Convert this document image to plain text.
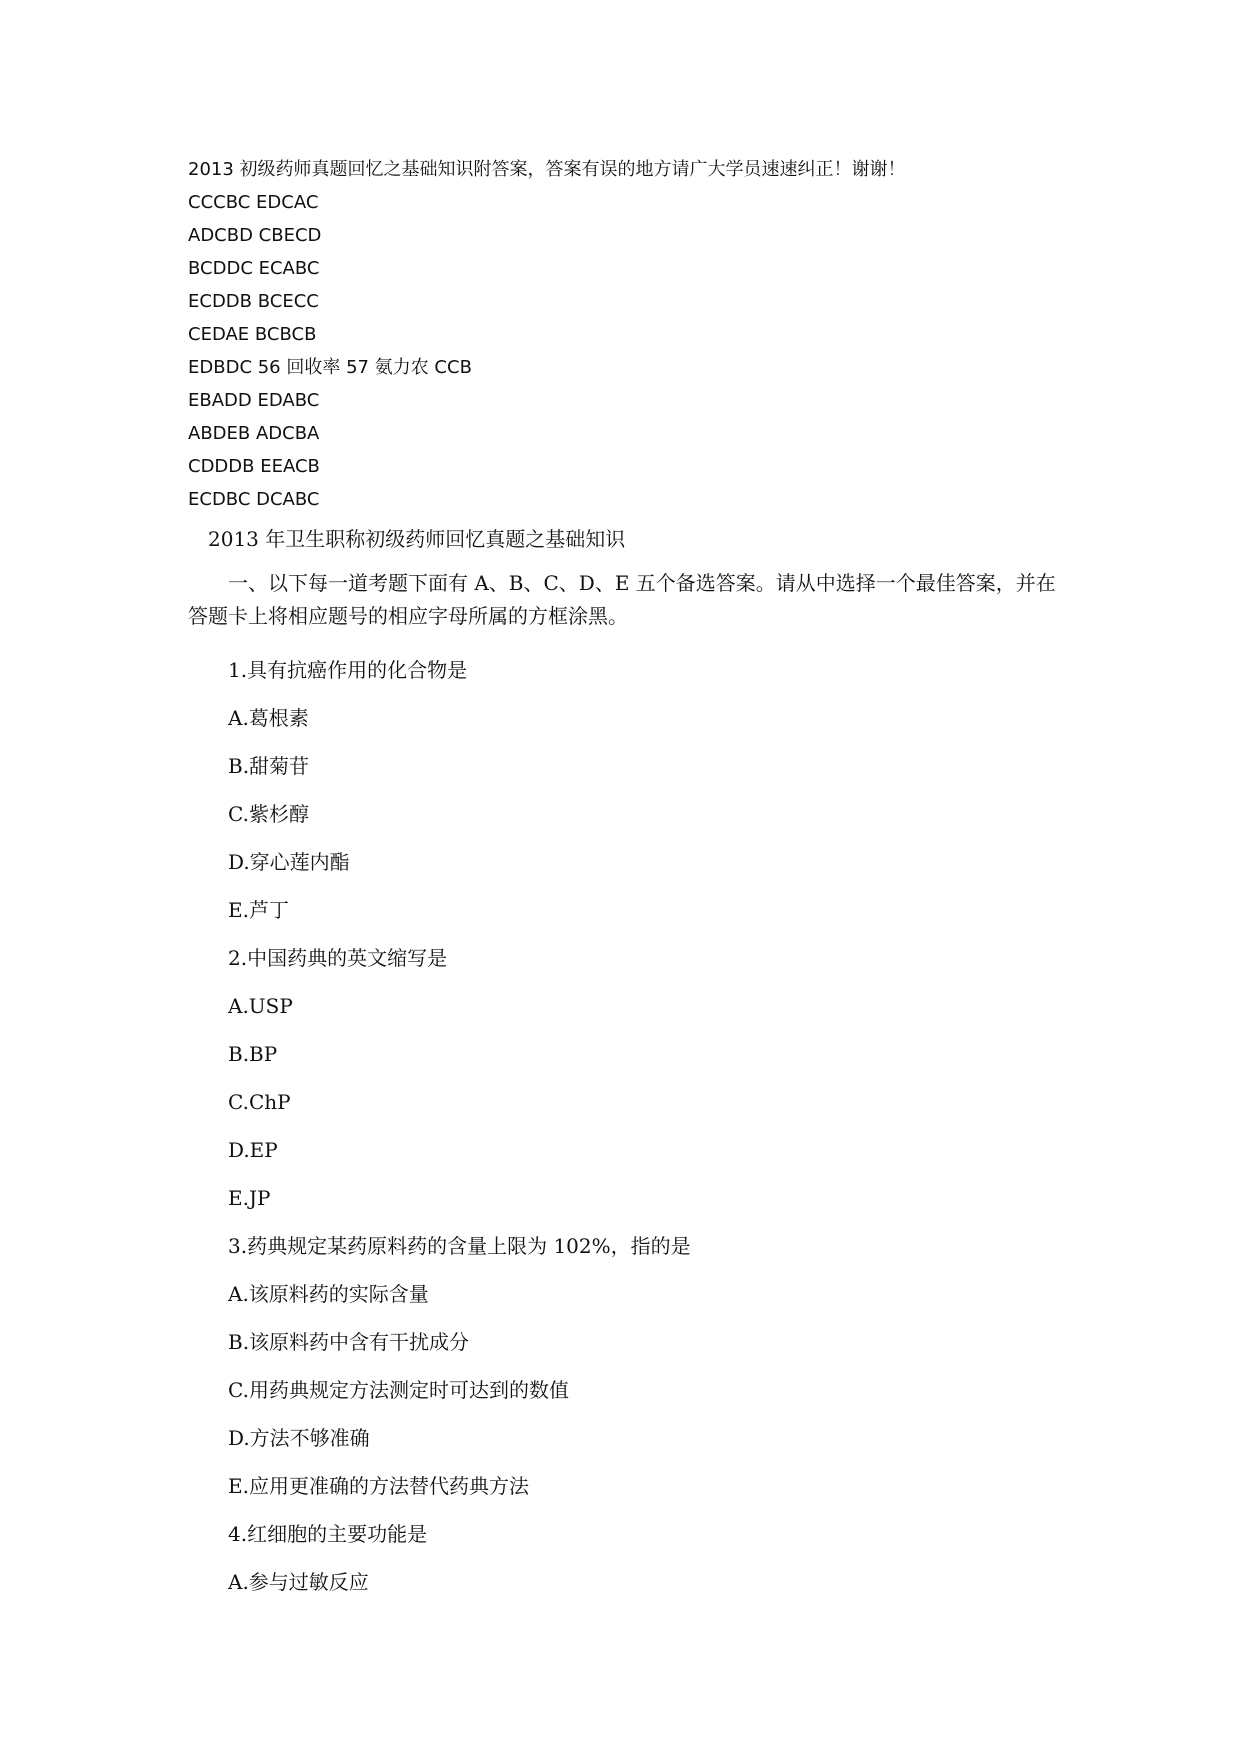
2013 初级药师真题回忆之基础知识附答案，答案有误的地方请广大学员速速纠正！谢谢！

CCCBC EDCAC

ADCBD CBECD

BCDDC ECABC

ECDDB BCECC

CEDAE BCBCB

EDBDC 56 回收率 57 氨力农 CCB

EBADD EDABC

ABDEB ADCBA

CDDDB EEACB

ECDBC DCABC

2013 年卫生职称初级药师回忆真题之基础知识

一、以下每一道考题下面有 A、B、C、D、E 五个备选答案。请从中选择一个最佳答案，并在答题卡上将相应题号的相应字母所属的方框涂黑。

1.具有抗癌作用的化合物是

A.葛根素

B.甜菊苷

C.紫杉醇

D.穿心莲内酯

E.芦丁

2.中国药典的英文缩写是

A.USP

B.BP

C.ChP

D.EP

E.JP

3.药典规定某药原料药的含量上限为 102%，指的是

A.该原料药的实际含量

B.该原料药中含有干扰成分

C.用药典规定方法测定时可达到的数值

D.方法不够准确

E.应用更准确的方法替代药典方法

4.红细胞的主要功能是

A.参与过敏反应
